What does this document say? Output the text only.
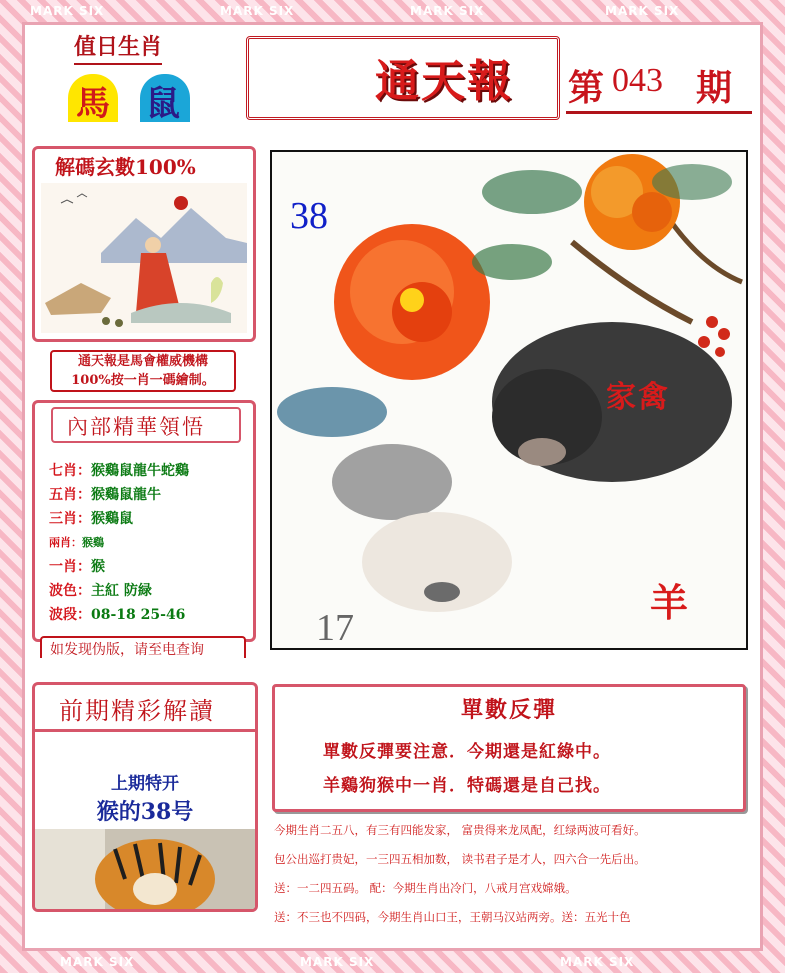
MARK SIX	MARK SIX	MARK SIX	MARK SIX
MARK SIX	MARK SIX	MARK SIX
值日生肖
馬 鼠	通天報 第 043 期
解碼玄數100%
通天報是馬會權威機構
100%按一肖一碼繪制。
內部精華領悟
七肖：猴鷄鼠龍牛蛇鷄
五肖：猴鷄鼠龍牛
三肖：猴鷄鼠
兩肖：猴鷄
一肖：猴
波色：主紅 防緑
波段：08-18 25-46
如发现伪版，请至电查询
38
17
家禽
羊
前期精彩解讀
上期特开
猴的38号
單數反彈
單數反彈要注意．今期還是紅綠中。
羊鷄狗猴中一肖．特碼還是自己找。
今期生肖二五八，有三有四能发家， 富贵得来龙凤配，红绿两波可看好。
包公出巡打贵妃，一三四五相加数， 读书君子是才人，四六合一先后出。
送：一二四五码。 配：今期生肖出冷门，八戒月宫戏嫦娥。
送：不三也不四码，今期生肖山口王，王朝马汉站两旁。送：五光十色
